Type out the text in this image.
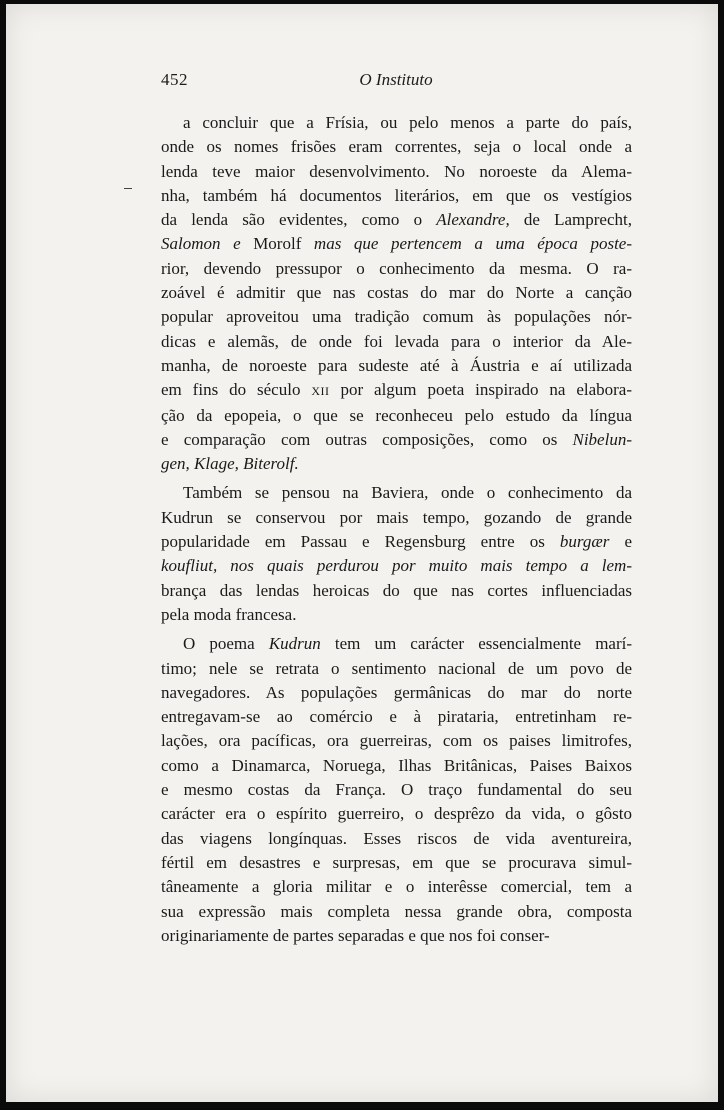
452	O Instituto
a concluir que a Frísia, ou pelo menos a parte do país,
onde os nomes frisões eram correntes, seja o local onde a
lenda teve maior desenvolvimento. No noroeste da Alema-
nha, também há documentos literários, em que os vestígios
da lenda são evidentes, como o Alexandre, de Lamprecht,
Salomon e Morolf mas que pertencem a uma época poste-
rior, devendo pressupor o conhecimento da mesma. O ra-
zoável é admitir que nas costas do mar do Norte a canção
popular aproveitou uma tradição comum às populações nór-
dicas e alemãs, de onde foi levada para o interior da Ale-
manha, de noroeste para sudeste até à Áustria e aí utilizada
em fins do século XII por algum poeta inspirado na elabora-
ção da epopeia, o que se reconheceu pelo estudo da língua
e comparação com outras composições, como os Nibelun-
gen, Klage, Biterolf.
Também se pensou na Baviera, onde o conhecimento da
Kudrun se conservou por mais tempo, gozando de grande
popularidade em Passau e Regensburg entre os burgær e
koufliut, nos quais perdurou por muito mais tempo a lem-
brança das lendas heroicas do que nas cortes influenciadas
pela moda francesa.
O poema Kudrun tem um carácter essencialmente marí-
timo; nele se retrata o sentimento nacional de um povo de
navegadores. As populações germânicas do mar do norte
entregavam-se ao comércio e à pirataria, entretinham re-
lações, ora pacíficas, ora guerreiras, com os paises limitrofes,
como a Dinamarca, Noruega, Ilhas Britânicas, Paises Baixos
e mesmo costas da França. O traço fundamental do seu
carácter era o espírito guerreiro, o desprêzo da vida, o gôsto
das viagens longínquas. Esses riscos de vida aventureira,
fértil em desastres e surpresas, em que se procurava simul-
tâneamente a gloria militar e o interêsse comercial, tem a
sua expressão mais completa nessa grande obra, composta
originariamente de partes separadas e que nos foi conser-
